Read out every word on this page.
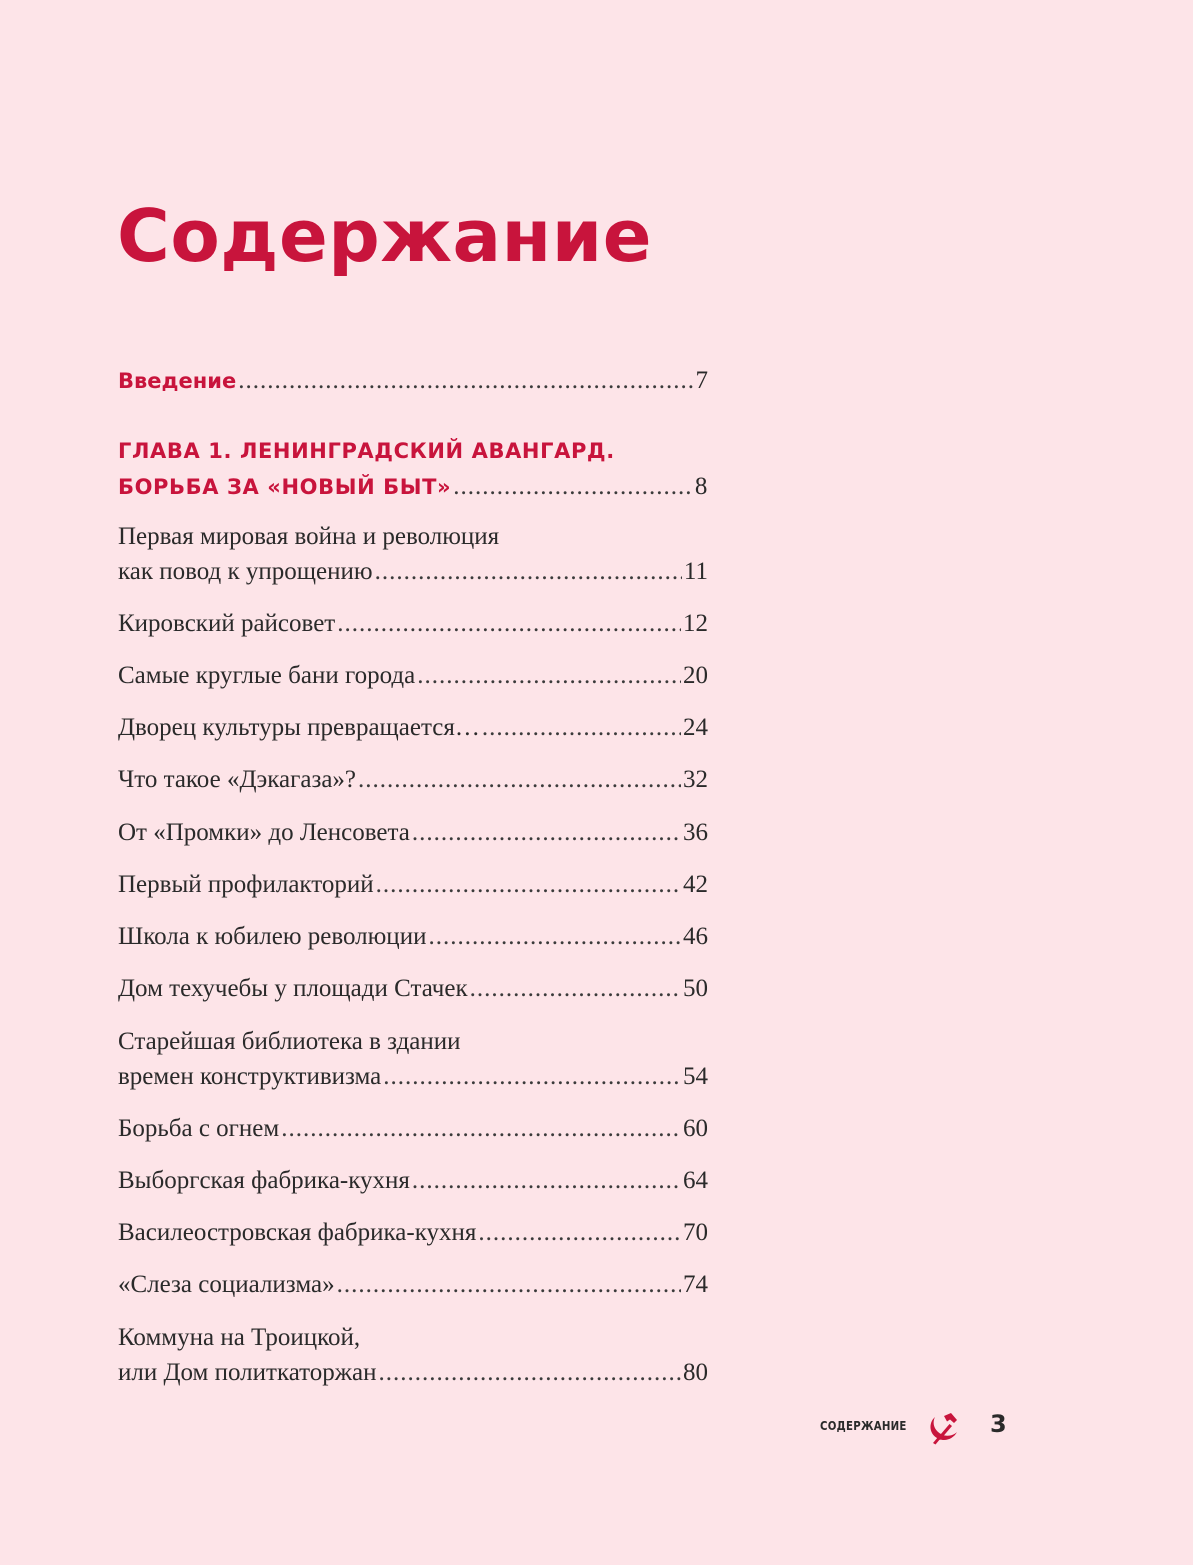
Содержание
Введение .....	7
ГЛАВА 1. ЛЕНИНГРАДСКИЙ АВАНГАРД.
БОРЬБА ЗА «НОВЫЙ БЫТ» .....	8
Первая мировая война и революция
как повод к упрощению .....	11
Кировский райсовет .....	12
Самые круглые бани города .....	20
Дворец культуры превращается… .....	24
Что такое «Дэкагаза»? .....	32
От «Промки» до Ленсовета .....	36
Первый профилакторий .....	42
Школа к юбилею революции .....	46
Дом техучебы у площади Стачек .....	50
Старейшая библиотека в здании
времен конструктивизма .....	54
Борьба с огнем .....	60
Выборгская фабрика-кухня .....	64
Василеостровская фабрика-кухня .....	70
«Слеза социализма» .....	74
Коммуна на Троицкой,
или Дом политкаторжан .....	80
СОДЕРЖАНИЕ	3
